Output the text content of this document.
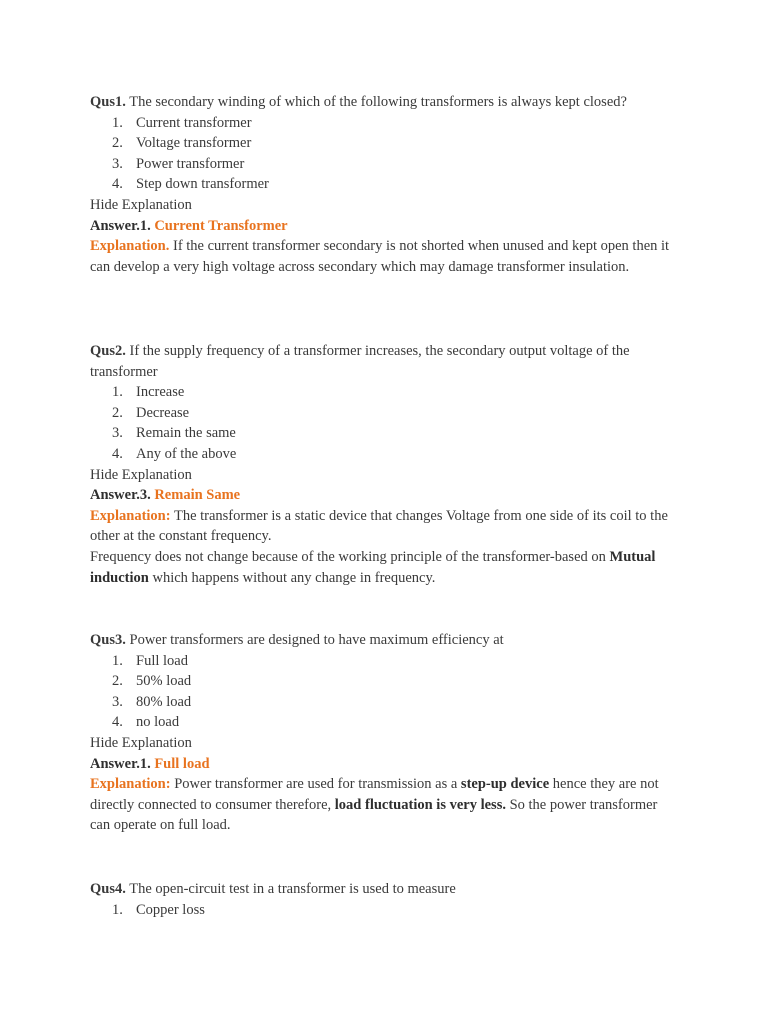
Qus1. The secondary winding of which of the following transformers is always kept closed?
1. Current transformer
2. Voltage transformer
3. Power transformer
4. Step down transformer
Hide Explanation
Answer.1. Current Transformer
Explanation. If the current transformer secondary is not shorted when unused and kept open then it can develop a very high voltage across secondary which may damage transformer insulation.
Qus2. If the supply frequency of a transformer increases, the secondary output voltage of the transformer
1. Increase
2. Decrease
3. Remain the same
4. Any of the above
Hide Explanation
Answer.3. Remain Same
Explanation: The transformer is a static device that changes Voltage from one side of its coil to the other at the constant frequency.
Frequency does not change because of the working principle of the transformer-based on Mutual induction which happens without any change in frequency.
Qus3. Power transformers are designed to have maximum efficiency at
1. Full load
2. 50% load
3. 80% load
4. no load
Hide Explanation
Answer.1. Full load
Explanation: Power transformer are used for transmission as a step-up device hence they are not directly connected to consumer therefore, load fluctuation is very less. So the power transformer can operate on full load.
Qus4. The open-circuit test in a transformer is used to measure
1. Copper loss
